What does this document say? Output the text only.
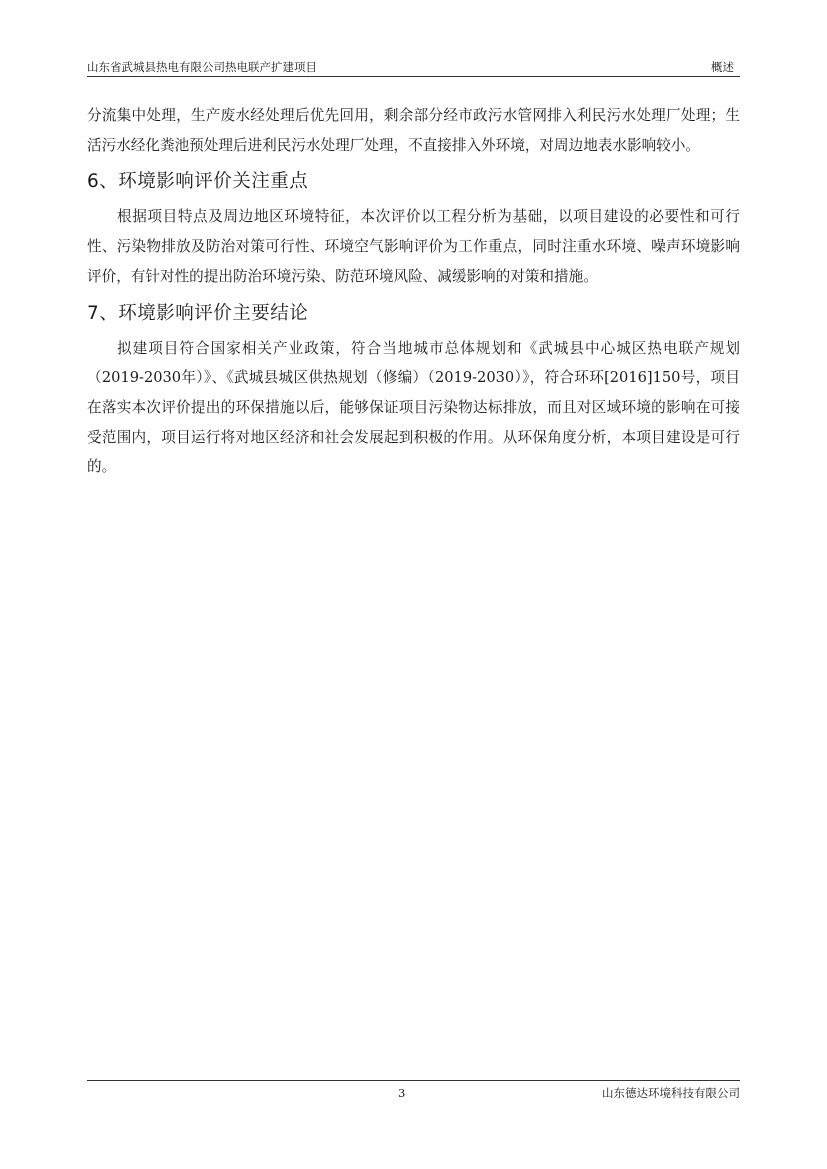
山东省武城县热电有限公司热电联产扩建项目	概述

分流集中处理，生产废水经处理后优先回用，剩余部分经市政污水管网排入利民污水处理厂处理；生活污水经化粪池预处理后进利民污水处理厂处理，不直接排入外环境，对周边地表水影响较小。

6、环境影响评价关注重点

根据项目特点及周边地区环境特征，本次评价以工程分析为基础，以项目建设的必要性和可行性、污染物排放及防治对策可行性、环境空气影响评价为工作重点，同时注重水环境、噪声环境影响评价，有针对性的提出防治环境污染、防范环境风险、减缓影响的对策和措施。

7、环境影响评价主要结论

拟建项目符合国家相关产业政策，符合当地城市总体规划和《武城县中心城区热电联产规划（2019-2030年）》、《武城县城区供热规划（修编）（2019-2030）》，符合环环[2016]150号，项目在落实本次评价提出的环保措施以后，能够保证项目污染物达标排放，而且对区域环境的影响在可接受范围内，项目运行将对地区经济和社会发展起到积极的作用。从环保角度分析，本项目建设是可行的。

3	山东德达环境科技有限公司
